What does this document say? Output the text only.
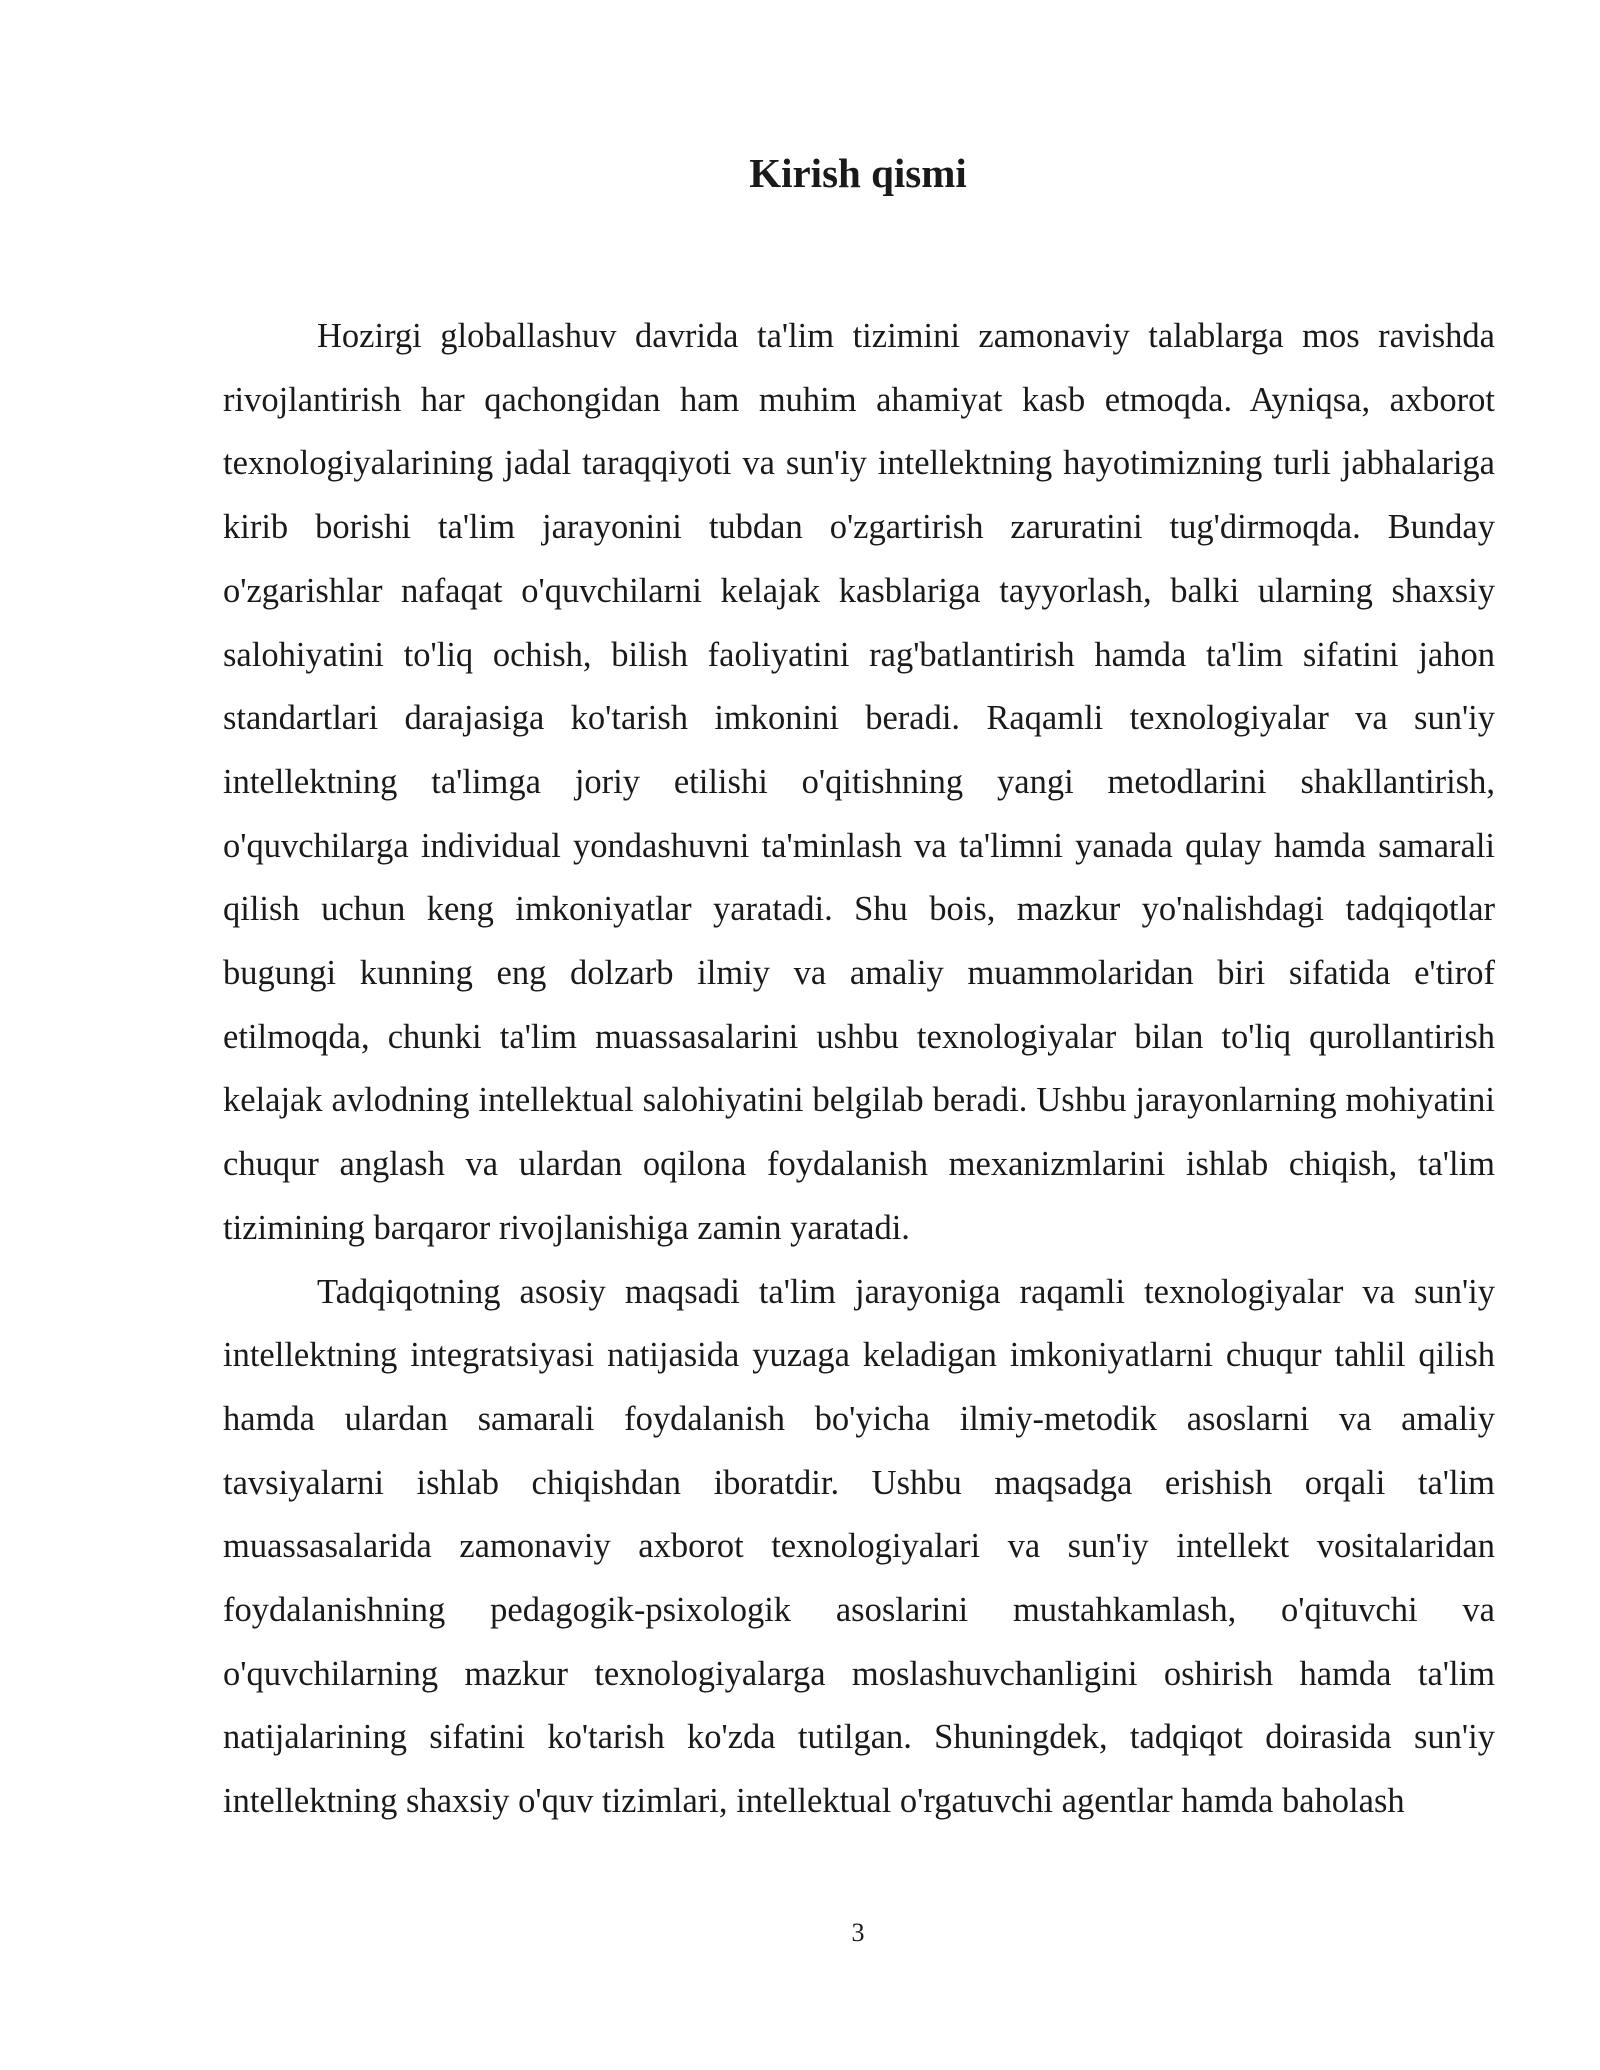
Kirish qismi

Hozirgi globallashuv davrida ta'lim tizimini zamonaviy talablarga mos ravishda rivojlantirish har qachongidan ham muhim ahamiyat kasb etmoqda. Ayniqsa, axborot texnologiyalarining jadal taraqqiyoti va sun'iy intellektning hayotimizning turli jabhalariga kirib borishi ta'lim jarayonini tubdan o'zgartirish zaruratini tug'dirmoqda. Bunday o'zgarishlar nafaqat o'quvchilarni kelajak kasblariga tayyorlash, balki ularning shaxsiy salohiyatini to'liq ochish, bilish faoliyatini rag'batlantirish hamda ta'lim sifatini jahon standartlari darajasiga ko'tarish imkonini beradi. Raqamli texnologiyalar va sun'iy intellektning ta'limga joriy etilishi o'qitishning yangi metodlarini shakllantirish, o'quvchilarga individual yondashuvni ta'minlash va ta'limni yanada qulay hamda samarali qilish uchun keng imkoniyatlar yaratadi. Shu bois, mazkur yo'nalishdagi tadqiqotlar bugungi kunning eng dolzarb ilmiy va amaliy muammolaridan biri sifatida e'tirof etilmoqda, chunki ta'lim muassasalarini ushbu texnologiyalar bilan to'liq qurollantirish kelajak avlodning intellektual salohiyatini belgilab beradi. Ushbu jarayonlarning mohiyatini chuqur anglash va ulardan oqilona foydalanish mexanizmlarini ishlab chiqish, ta'lim tizimining barqaror rivojlanishiga zamin yaratadi.

Tadqiqotning asosiy maqsadi ta'lim jarayoniga raqamli texnologiyalar va sun'iy intellektning integratsiyasi natijasida yuzaga keladigan imkoniyatlarni chuqur tahlil qilish hamda ulardan samarali foydalanish bo'yicha ilmiy-metodik asoslarni va amaliy tavsiyalarni ishlab chiqishdan iboratdir. Ushbu maqsadga erishish orqali ta'lim muassasalarida zamonaviy axborot texnologiyalari va sun'iy intellekt vositalaridan foydalanishning pedagogik-psixologik asoslarini mustahkamlash, o'qituvchi va o'quvchilarning mazkur texnologiyalarga moslashuvchanligini oshirish hamda ta'lim natijalarining sifatini ko'tarish ko'zda tutilgan. Shuningdek, tadqiqot doirasida sun'iy intellektning shaxsiy o'quv tizimlari, intellektual o'rgatuvchi agentlar hamda baholash

3
